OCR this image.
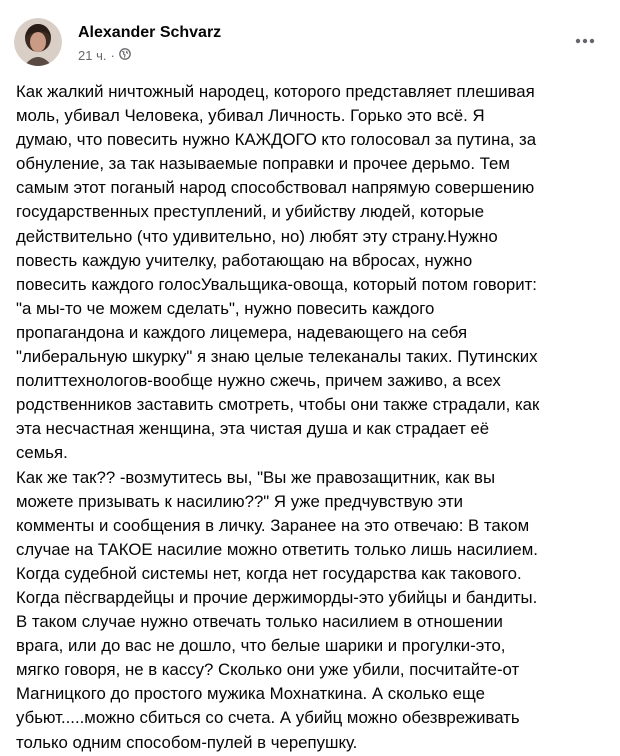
Alexander Schvarz
21 ч. ·
Как жалкий ничтожный народец, которого представляет плешивая
моль, убивал Человека, убивал Личность. Горько это всё. Я
думаю, что повесить нужно КАЖДОГО кто голосовал за путина, за
обнуление, за так называемые поправки и прочее дерьмо. Тем
самым этот поганый народ способствовал напрямую совершению
государственных преступлений, и убийству людей, которые
действительно (что удивительно, но) любят эту страну.Нужно
повесть каждую учителку, работающаю на вбросах, нужно
повесить каждого голосУвальщика-овоща, который потом говорит:
"а мы-то че можем сделать", нужно повесить каждого
пропагандона и каждого лицемера, надевающего на себя
"либеральную шкурку" я знаю целые телеканалы таких. Путинских
политтехнологов-вообще нужно сжечь, причем заживо, а всех
родственников заставить смотреть, чтобы они также страдали, как
эта несчастная женщина, эта чистая душа и как страдает её
семья.
Как же так?? -возмутитесь вы, "Вы же правозащитник, как вы
можете призывать к насилию??" Я уже предчувствую эти
комменты и сообщения в личку. Заранее на это отвечаю: В таком
случае на ТАКОЕ насилие можно ответить только лишь насилием.
Когда судебной системы нет, когда нет государства как такового.
Когда пёсгвардейцы и прочие держиморды-это убийцы и бандиты.
В таком случае нужно отвечать только насилием в отношении
врага, или до вас не дошло, что белые шарики и прогулки-это,
мягко говоря, не в кассу? Сколько они уже убили, посчитайте-от
Магницкого до простого мужика Мохнаткина. А сколько еще
убьют.....можно сбиться со счета. А убийц можно обезвреживать
только одним способом-пулей в черепушку.
